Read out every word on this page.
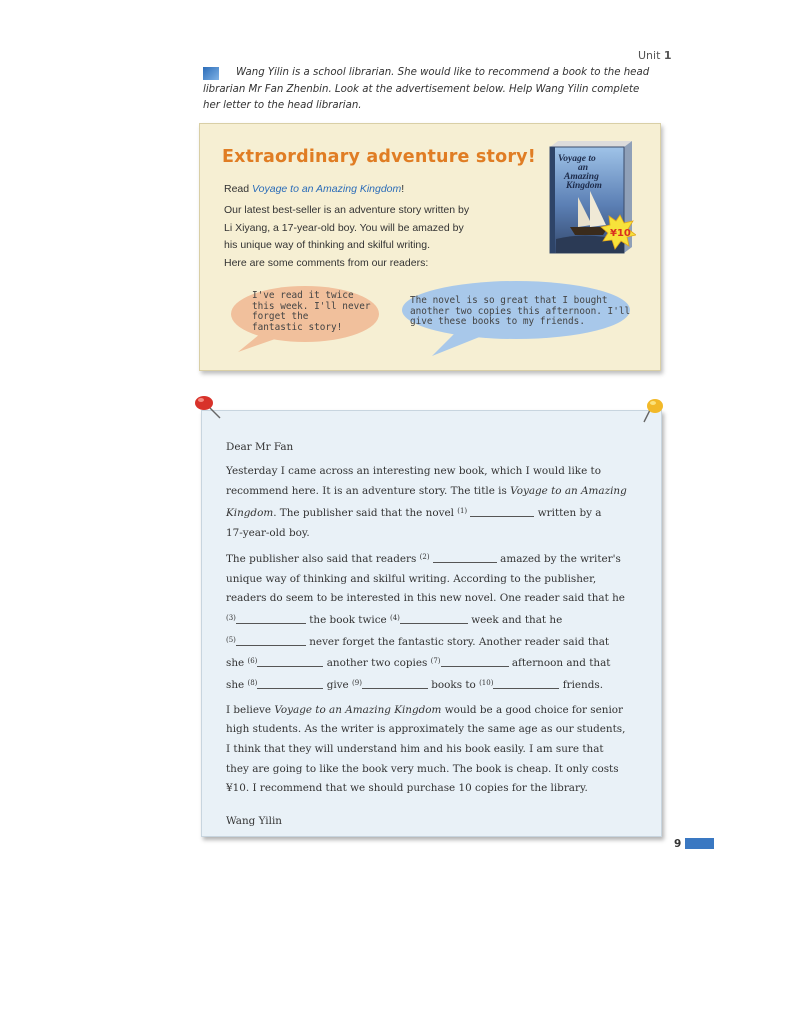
Unit 1
Wang Yilin is a school librarian. She would like to recommend a book to the head librarian Mr Fan Zhenbin. Look at the advertisement below. Help Wang Yilin complete her letter to the head librarian.
Extraordinary adventure story!
Read Voyage to an Amazing Kingdom!
Our latest best-seller is an adventure story written by
Li Xiyang, a 17-year-old boy. You will be amazed by
his unique way of thinking and skilful writing.
Here are some comments from our readers:
Voyage to
an
Amazing
Kingdom
¥10
I've read it twice
this week. I'll never
forget the
fantastic story!
The novel is so great that I bought
another two copies this afternoon. I'll
give these books to my friends.

Dear Mr Fan

Yesterday I came across an interesting new book, which I would like to
recommend here. It is an adventure story. The title is Voyage to an Amazing
Kingdom. The publisher said that the novel $^{(1)}$	written by a
17-year-old boy.

The publisher also said that readers $^{(2)}$	amazed by the writer's
unique way of thinking and skilful writing. According to the publisher,
readers do seem to be interested in this new novel. One reader said that he
$^{(3)}$	the book twice $^{(4)}$	week and that he
$^{(5)}$	never forget the fantastic story. Another reader said that
she $^{(6)}$	another two copies $^{(7)}$	afternoon and that
she $^{(8)}$	give $^{(9)}$	books to $^{(10)}$	friends.

I believe Voyage to an Amazing Kingdom would be a good choice for senior
high students. As the writer is approximately the same age as our students,
I think that they will understand him and his book easily. I am sure that
they are going to like the book very much. The book is cheap. It only costs
¥10. I recommend that we should purchase 10 copies for the library.

Wang Yilin

9
